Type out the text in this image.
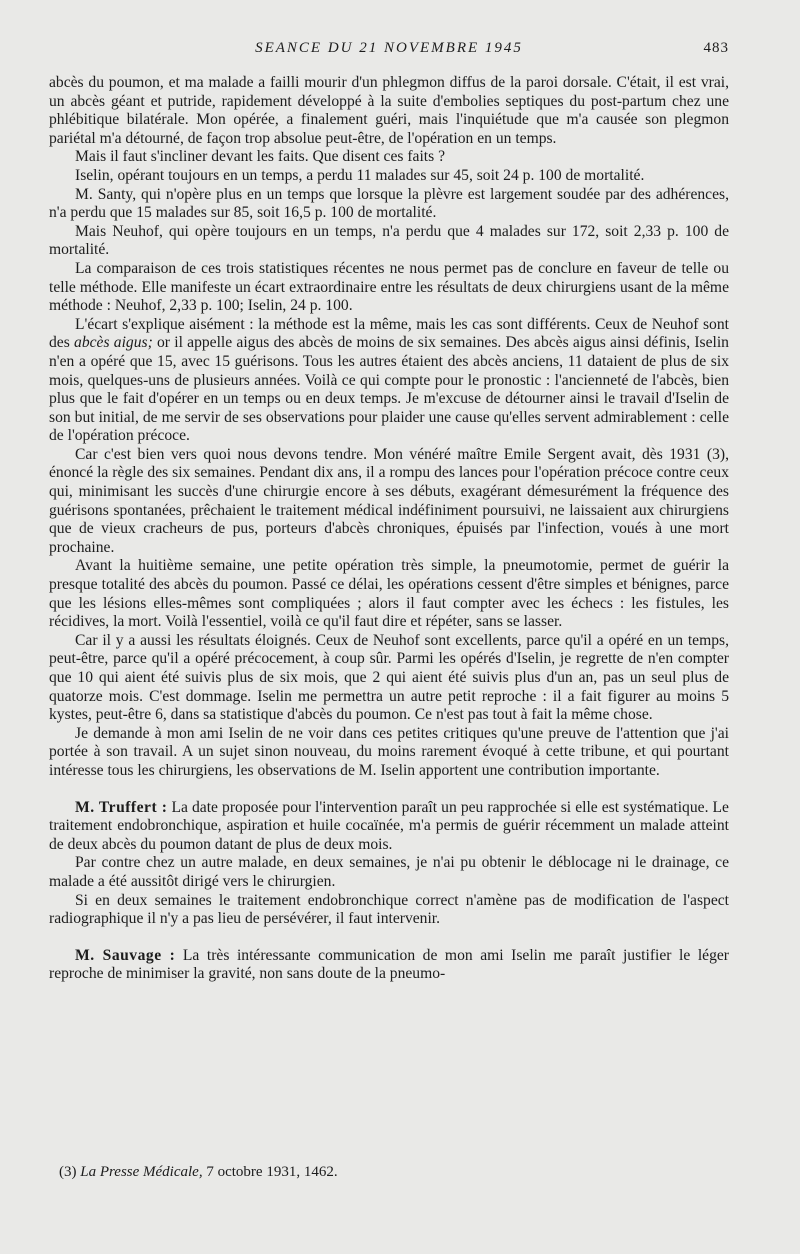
SEANCE DU 21 NOVEMBRE 1945	483

abcès du poumon, et ma malade a failli mourir d'un phlegmon diffus de la paroi dorsale. C'était, il est vrai, un abcès géant et putride, rapidement développé à la suite d'embolies septiques du post-partum chez une phlébitique bilatérale. Mon opérée, a finalement guéri, mais l'inquiétude que m'a causée son plegmon pariétal m'a détourné, de façon trop absolue peut-être, de l'opération en un temps.

Mais il faut s'incliner devant les faits. Que disent ces faits ?

Iselin, opérant toujours en un temps, a perdu 11 malades sur 45, soit 24 p. 100 de mortalité.

M. Santy, qui n'opère plus en un temps que lorsque la plèvre est largement soudée par des adhérences, n'a perdu que 15 malades sur 85, soit 16,5 p. 100 de mortalité.

Mais Neuhof, qui opère toujours en un temps, n'a perdu que 4 malades sur 172, soit 2,33 p. 100 de mortalité.

La comparaison de ces trois statistiques récentes ne nous permet pas de conclure en faveur de telle ou telle méthode. Elle manifeste un écart extraordinaire entre les résultats de deux chirurgiens usant de la même méthode : Neuhof, 2,33 p. 100; Iselin, 24 p. 100.

L'écart s'explique aisément : la méthode est la même, mais les cas sont différents. Ceux de Neuhof sont des abcès aigus; or il appelle aigus des abcès de moins de six semaines. Des abcès aigus ainsi définis, Iselin n'en a opéré que 15, avec 15 guérisons. Tous les autres étaient des abcès anciens, 11 dataient de plus de six mois, quelques-uns de plusieurs années. Voilà ce qui compte pour le pronostic : l'ancienneté de l'abcès, bien plus que le fait d'opérer en un temps ou en deux temps. Je m'excuse de détourner ainsi le travail d'Iselin de son but initial, de me servir de ses observations pour plaider une cause qu'elles servent admirablement : celle de l'opération précoce.

Car c'est bien vers quoi nous devons tendre. Mon vénéré maître Emile Sergent avait, dès 1931 (3), énoncé la règle des six semaines. Pendant dix ans, il a rompu des lances pour l'opération précoce contre ceux qui, minimisant les succès d'une chirurgie encore à ses débuts, exagérant démesurément la fréquence des guérisons spontanées, prêchaient le traitement médical indéfiniment poursuivi, ne laissaient aux chirurgiens que de vieux cracheurs de pus, porteurs d'abcès chroniques, épuisés par l'infection, voués à une mort prochaine.

Avant la huitième semaine, une petite opération très simple, la pneumotomie, permet de guérir la presque totalité des abcès du poumon. Passé ce délai, les opérations cessent d'être simples et bénignes, parce que les lésions elles-mêmes sont compliquées ; alors il faut compter avec les échecs : les fistules, les récidives, la mort. Voilà l'essentiel, voilà ce qu'il faut dire et répéter, sans se lasser.

Car il y a aussi les résultats éloignés. Ceux de Neuhof sont excellents, parce qu'il a opéré en un temps, peut-être, parce qu'il a opéré précocement, à coup sûr. Parmi les opérés d'Iselin, je regrette de n'en compter que 10 qui aient été suivis plus de six mois, que 2 qui aient été suivis plus d'un an, pas un seul plus de quatorze mois. C'est dommage. Iselin me permettra un autre petit reproche : il a fait figurer au moins 5 kystes, peut-être 6, dans sa statistique d'abcès du poumon. Ce n'est pas tout à fait la même chose.

Je demande à mon ami Iselin de ne voir dans ces petites critiques qu'une preuve de l'attention que j'ai portée à son travail. A un sujet sinon nouveau, du moins rarement évoqué à cette tribune, et qui pourtant intéresse tous les chirurgiens, les observations de M. Iselin apportent une contribution importante.

M. Truffert : La date proposée pour l'intervention paraît un peu rapprochée si elle est systématique. Le traitement endobronchique, aspiration et huile cocaïnée, m'a permis de guérir récemment un malade atteint de deux abcès du poumon datant de plus de deux mois.

Par contre chez un autre malade, en deux semaines, je n'ai pu obtenir le déblocage ni le drainage, ce malade a été aussitôt dirigé vers le chirurgien.

Si en deux semaines le traitement endobronchique correct n'amène pas de modification de l'aspect radiographique il n'y a pas lieu de persévérer, il faut intervenir.

M. Sauvage : La très intéressante communication de mon ami Iselin me paraît justifier le léger reproche de minimiser la gravité, non sans doute de la pneumo-

(3) La Presse Médicale, 7 octobre 1931, 1462.
